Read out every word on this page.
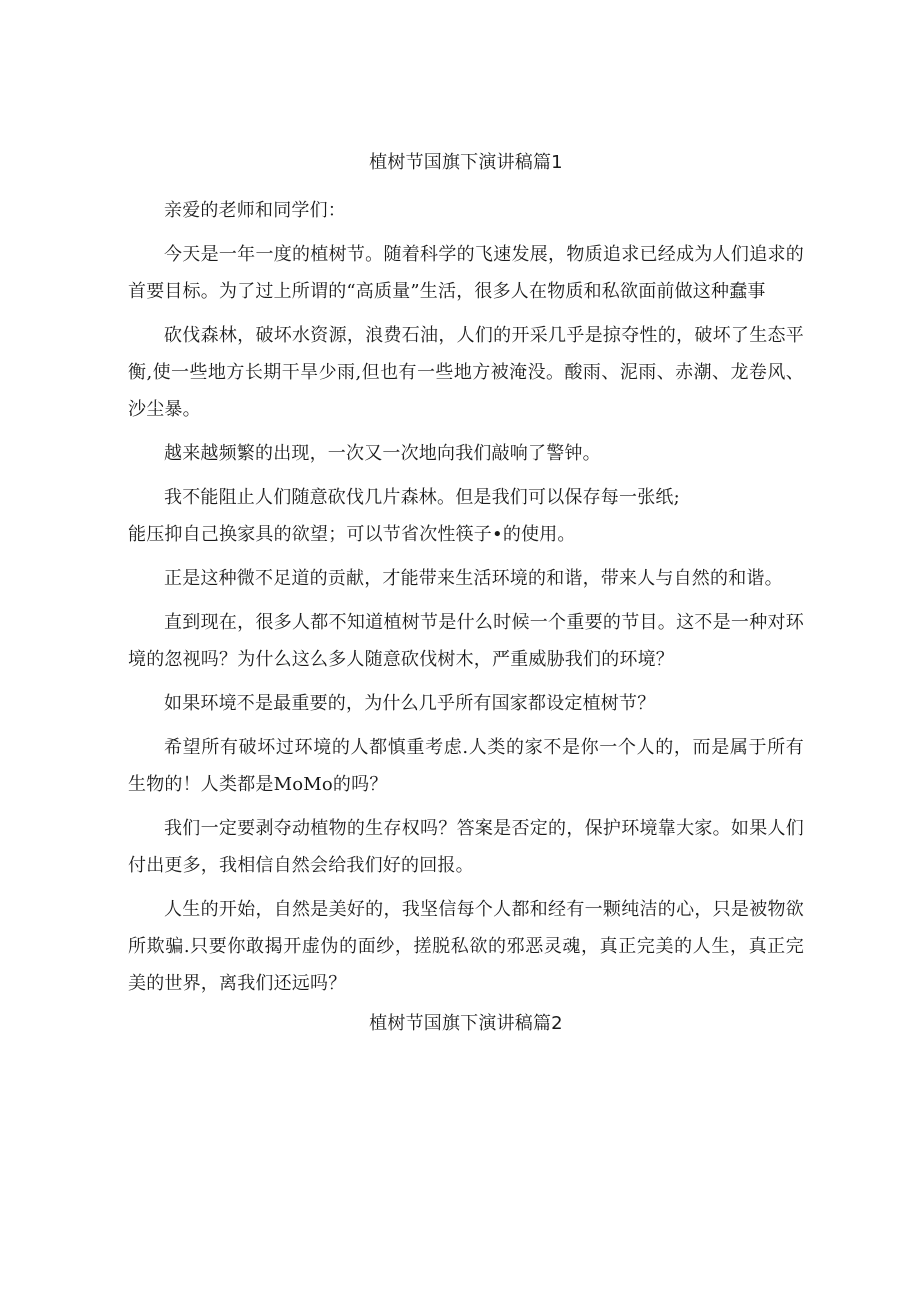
植树节国旗下演讲稿篇1

亲爱的老师和同学们：

今天是一年一度的植树节。随着科学的飞速发展，物质追求已经成为人们追求的首要目标。为了过上所谓的“高质量”生活，很多人在物质和私欲面前做这种蠢事

砍伐森林，破坏水资源，浪费石油，人们的开采几乎是掠夺性的，破坏了生态平衡,使一些地方长期干旱少雨,但也有一些地方被淹没。酸雨、泥雨、赤潮、龙卷风、沙尘暴。

越来越频繁的出现，一次又一次地向我们敲响了警钟。

我不能阻止人们随意砍伐几片森林。但是我们可以保存每一张纸;

能压抑自己换家具的欲望；可以节省次性筷子•的使用。

正是这种微不足道的贡献，才能带来生活环境的和谐，带来人与自然的和谐。

直到现在，很多人都不知道植树节是什么时候一个重要的节目。这不是一种对环境的忽视吗？为什么这么多人随意砍伐树木，严重威胁我们的环境？

如果环境不是最重要的，为什么几乎所有国家都设定植树节？

希望所有破坏过环境的人都慎重考虑.人类的家不是你一个人的，而是属于所有生物的！人类都是MoMo的吗？

我们一定要剥夺动植物的生存权吗？答案是否定的，保护环境靠大家。如果人们付出更多，我相信自然会给我们好的回报。

人生的开始，自然是美好的，我坚信每个人都和经有一颗纯洁的心，只是被物欲所欺骗.只要你敢揭开虚伪的面纱，搓脱私欲的邪恶灵魂，真正完美的人生，真正完美的世界，离我们还远吗？

植树节国旗下演讲稿篇2
